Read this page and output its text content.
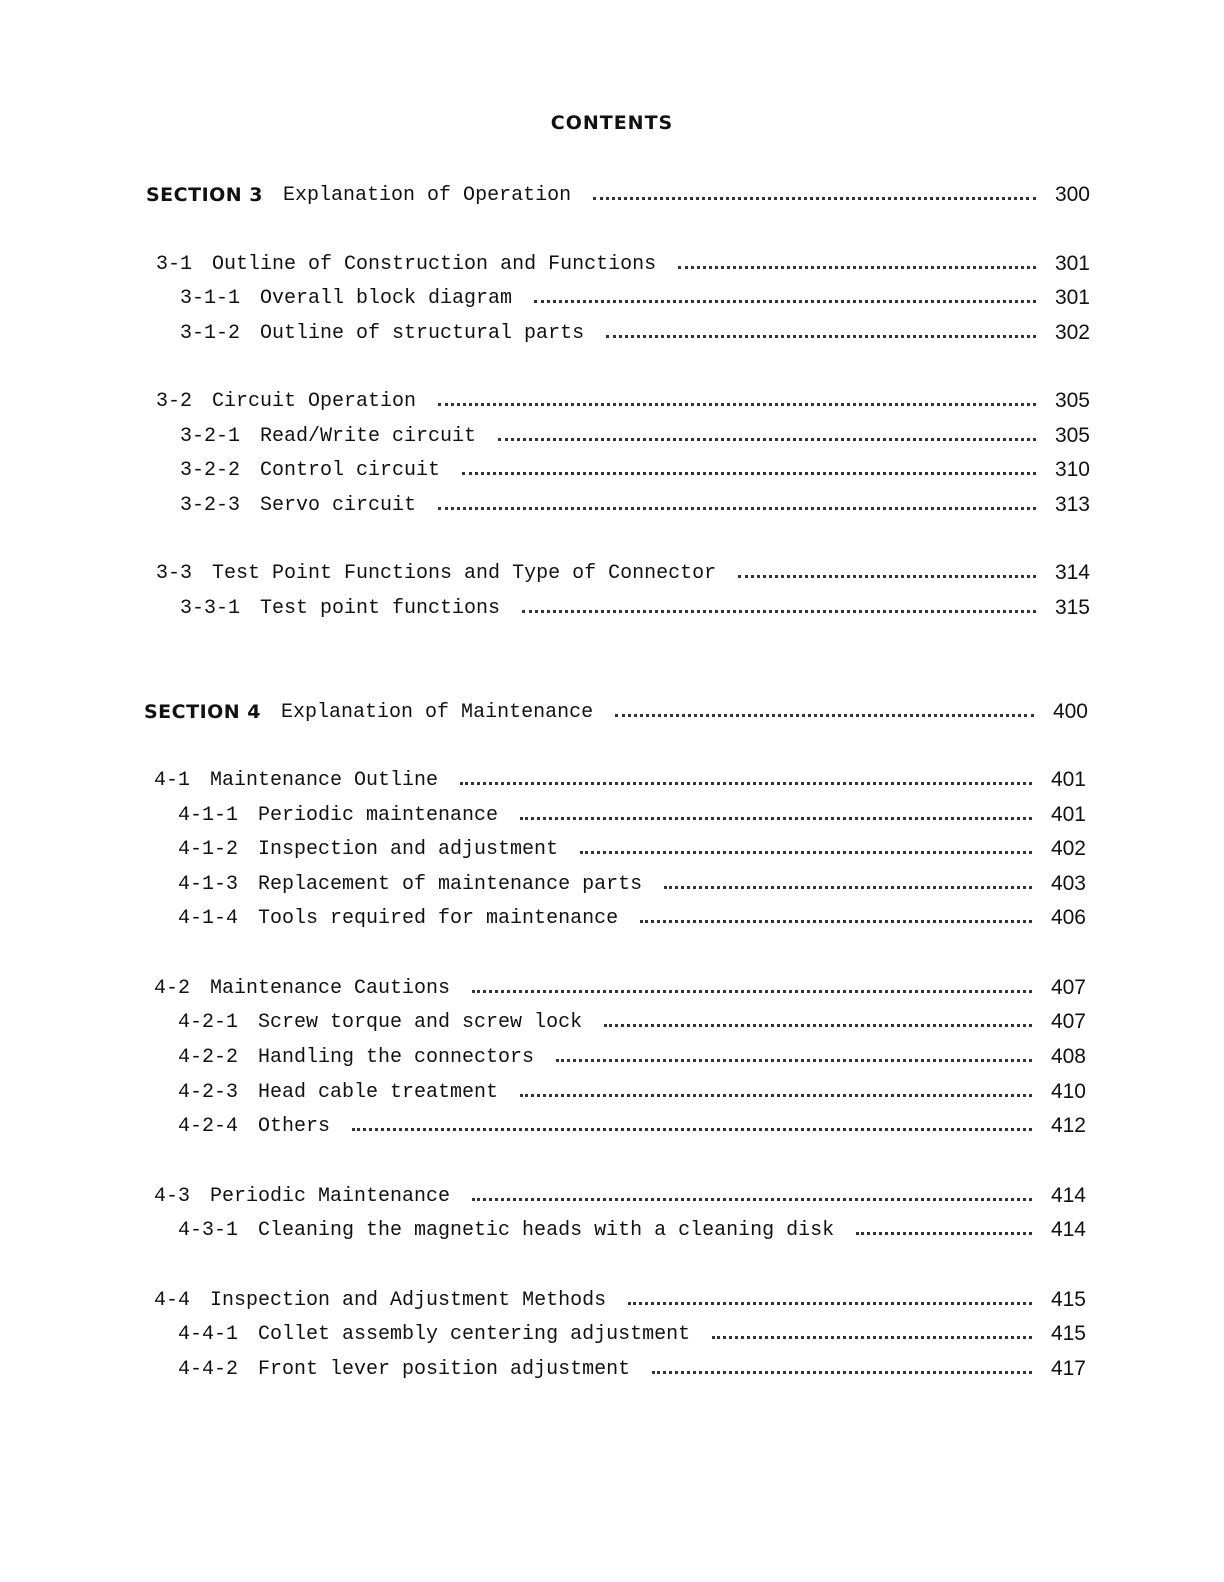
CONTENTS
SECTION 3 Explanation of Operation	300
3-1 Outline of Construction and Functions	301
3-1-1 Overall block diagram	301
3-1-2 Outline of structural parts	302
3-2 Circuit Operation	305
3-2-1 Read/Write circuit	305
3-2-2 Control circuit	310
3-2-3 Servo circuit	313
3-3 Test Point Functions and Type of Connector	314
3-3-1 Test point functions	315
SECTION 4 Explanation of Maintenance	400
4-1 Maintenance Outline	401
4-1-1 Periodic maintenance	401
4-1-2 Inspection and adjustment	402
4-1-3 Replacement of maintenance parts	403
4-1-4 Tools required for maintenance	406
4-2 Maintenance Cautions	407
4-2-1 Screw torque and screw lock	407
4-2-2 Handling the connectors	408
4-2-3 Head cable treatment	410
4-2-4 Others	412
4-3 Periodic Maintenance	414
4-3-1 Cleaning the magnetic heads with a cleaning disk	414
4-4 Inspection and Adjustment Methods	415
4-4-1 Collet assembly centering adjustment	415
4-4-2 Front lever position adjustment	417
